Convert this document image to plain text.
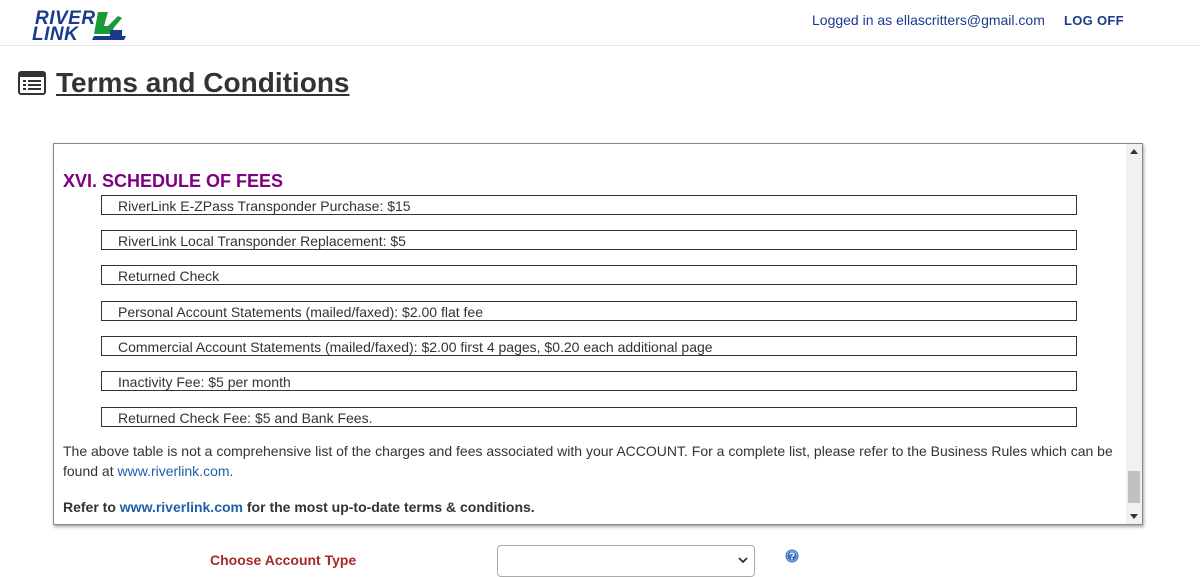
RIVER
LINK
Logged in as ellascritters@gmail.com LOG OFF
Terms and Conditions
XVI. SCHEDULE OF FEES
RiverLink E-ZPass Transponder Purchase: $15
RiverLink Local Transponder Replacement: $5
Returned Check
Personal Account Statements (mailed/faxed): $2.00 flat fee
Commercial Account Statements (mailed/faxed): $2.00 first 4 pages, $0.20 each additional page
Inactivity Fee: $5 per month
Returned Check Fee: $5 and Bank Fees.
The above table is not a comprehensive list of the charges and fees associated with your ACCOUNT. For a complete list, please refer to the Business Rules which can be found at www.riverlink.com.
Refer to www.riverlink.com for the most up-to-date terms & conditions.
Choose Account Type	?
